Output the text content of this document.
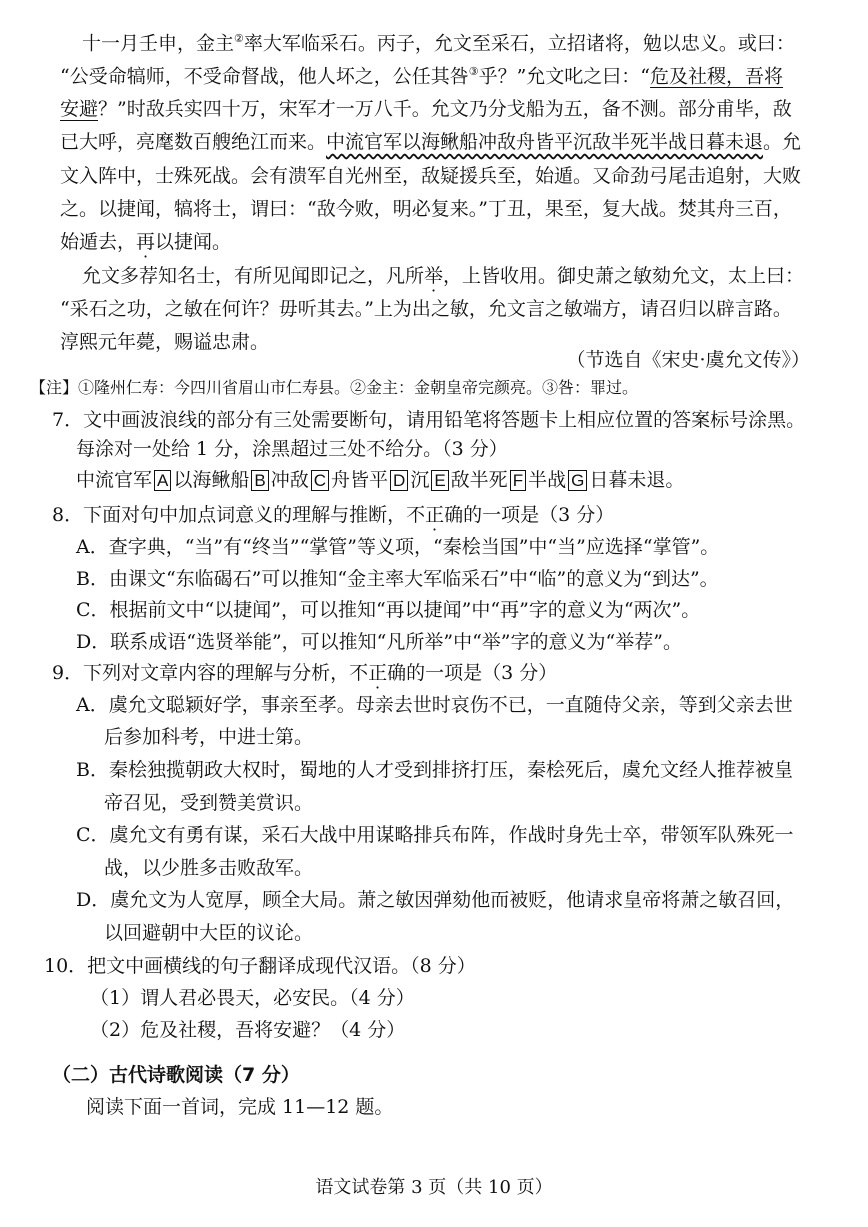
十一月壬申，金主②率大军临采石。丙子，允文至采石，立招诸将，勉以忠义。或曰：
“公受命犒师，不受命督战，他人坏之，公任其咎③乎？”允文叱之曰：“危及社稷，吾将
安避？”时敌兵实四十万，宋军才一万八千。允文乃分戈船为五，备不测。部分甫毕，敌
已大呼，亮麾数百艘绝江而来。中流官军以海鳅船冲敌舟皆平沉敌半死半战日暮未退。允
文入阵中，士殊死战。会有溃军自光州至，敌疑援兵至，始遁。又命劲弓尾击追射，大败
之。以捷闻，犒将士，谓曰：“敌今败，明必复来。”丁丑，果至，复大战。焚其舟三百，
始遁去，再以捷闻。
允文多荐知名士，有所见闻即记之，凡所举，上皆收用。御史萧之敏劾允文，太上曰：
“采石之功，之敏在何许？毋听其去。”上为出之敏，允文言之敏端方，请召归以辟言路。
淳熙元年薨，赐谥忠肃。
（节选自《宋史·虞允文传》）
【注】①隆州仁寿：今四川省眉山市仁寿县。②金主：金朝皇帝完颜亮。③咎：罪过。
7．文中画波浪线的部分有三处需要断句，请用铅笔将答题卡上相应位置的答案标号涂黑。
每涂对一处给 1 分，涂黑超过三处不给分。（3 分）
中流官军 A 以海鳅船 B 冲敌 C 舟皆平 D 沉 E 敌半死 F 半战 G 日暮未退。
8．下面对句中加点词意义的理解与推断，不正确的一项是（3 分）
A．查字典，“当”有“终当”“掌管”等义项，“秦桧当国”中“当”应选择“掌管”。
B．由课文“东临碣石”可以推知“金主率大军临采石”中“临”的意义为“到达”。
C．根据前文中“以捷闻”，可以推知“再以捷闻”中“再”字的意义为“两次”。
D．联系成语“选贤举能”，可以推知“凡所举”中“举”字的意义为“举荐”。
9．下列对文章内容的理解与分析，不正确的一项是（3 分）
A．虞允文聪颖好学，事亲至孝。母亲去世时哀伤不已，一直随侍父亲，等到父亲去世
后参加科考，中进士第。
B．秦桧独揽朝政大权时，蜀地的人才受到排挤打压，秦桧死后，虞允文经人推荐被皇
帝召见，受到赞美赏识。
C．虞允文有勇有谋，采石大战中用谋略排兵布阵，作战时身先士卒，带领军队殊死一
战，以少胜多击败敌军。
D．虞允文为人宽厚，顾全大局。萧之敏因弹劾他而被贬，他请求皇帝将萧之敏召回，
以回避朝中大臣的议论。
10．把文中画横线的句子翻译成现代汉语。（8 分）
（1）谓人君必畏天，必安民。（4 分）
（2）危及社稷，吾将安避？（4 分）
（二）古代诗歌阅读（7 分）
阅读下面一首词，完成 11—12 题。
语文试卷第 3 页（共 10 页）
